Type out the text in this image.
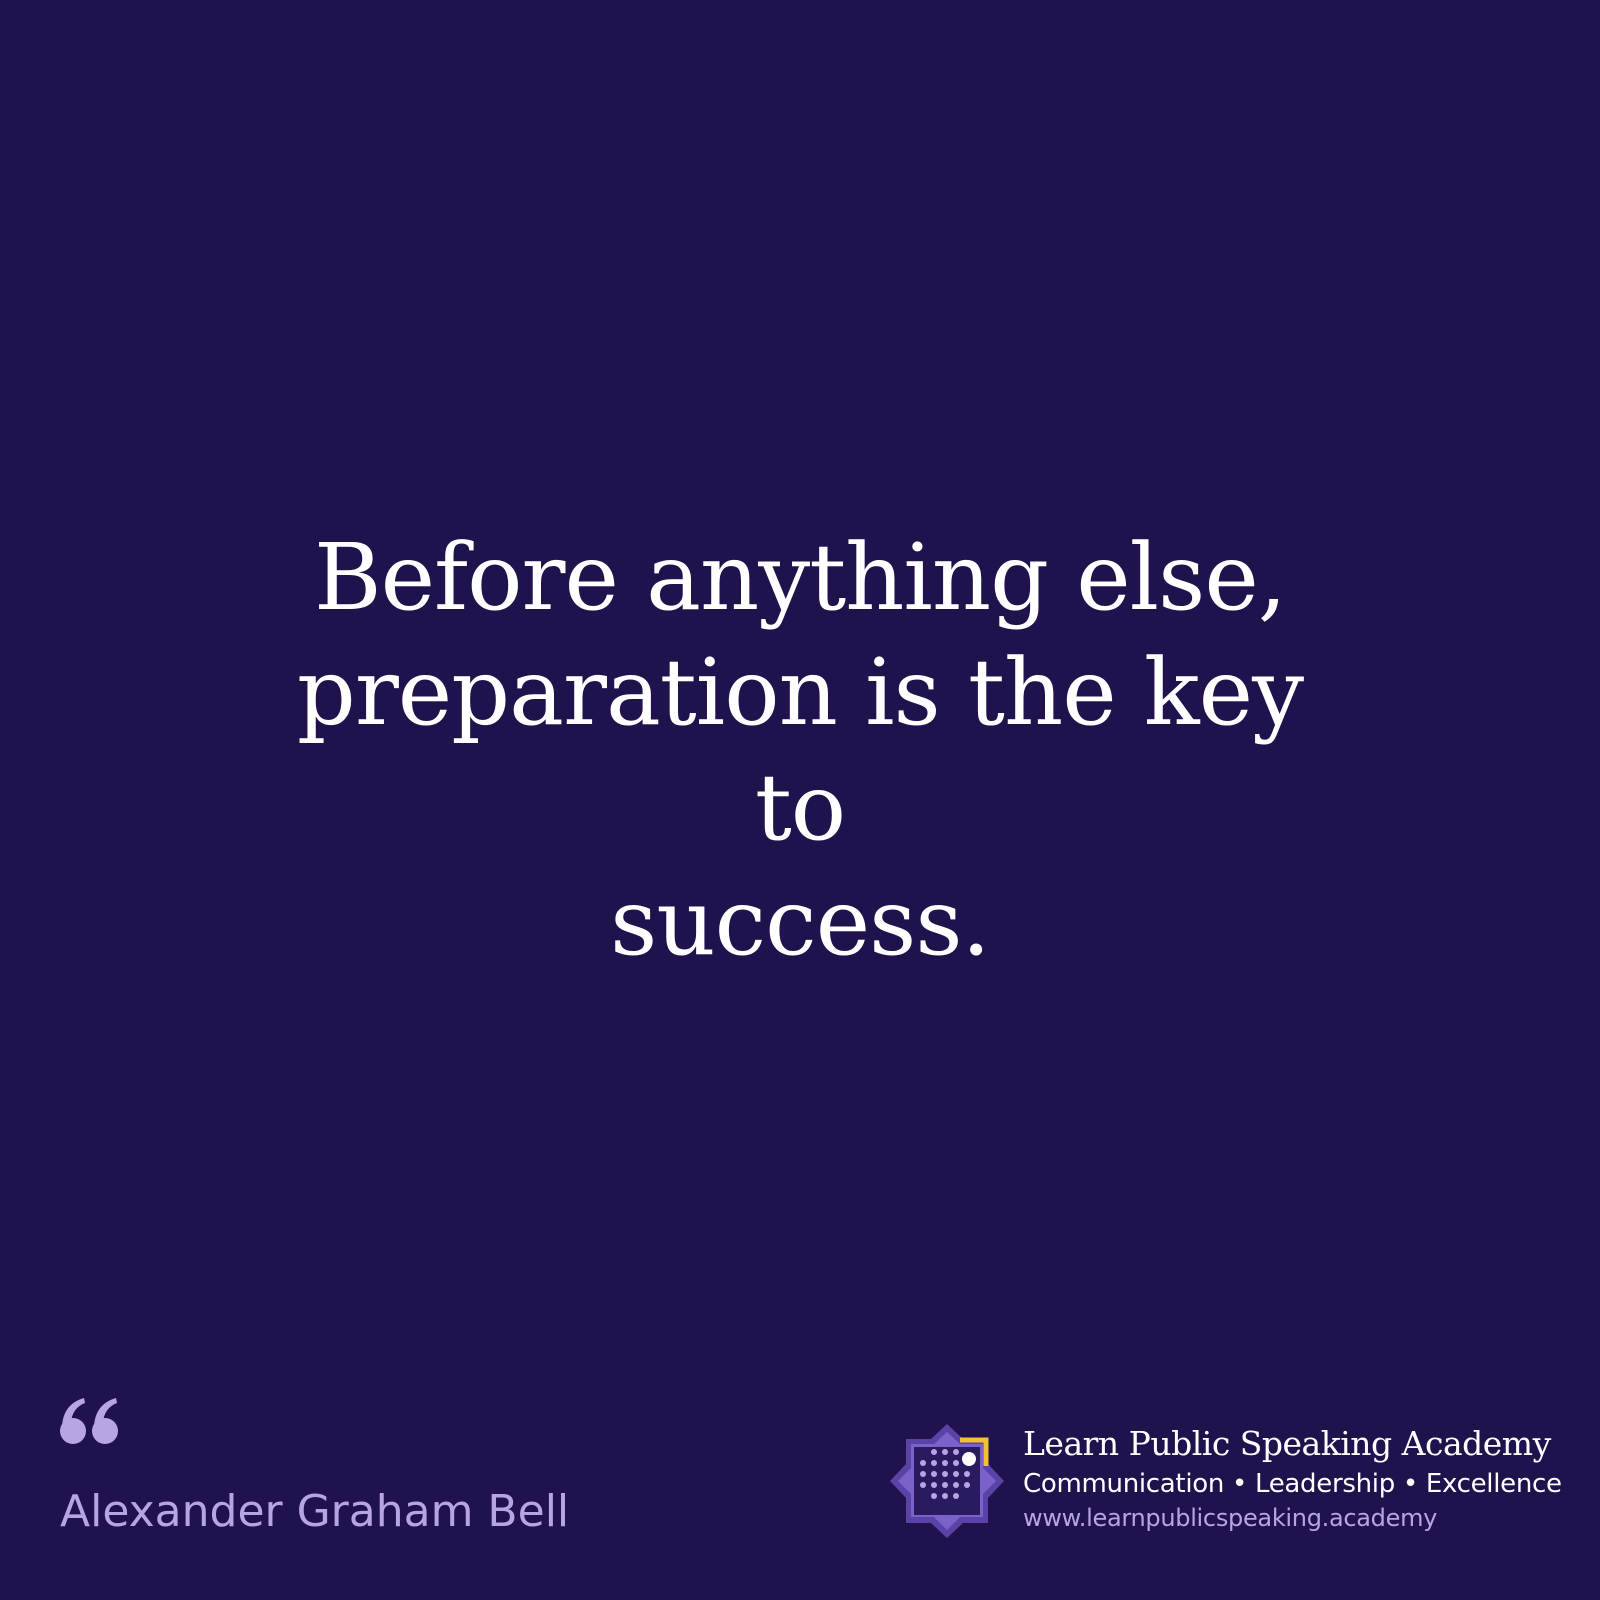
Before anything else,
preparation is the key to
success.
Alexander Graham Bell
Learn Public Speaking Academy
Communication • Leadership • Excellence
www.learnpublicspeaking.academy
